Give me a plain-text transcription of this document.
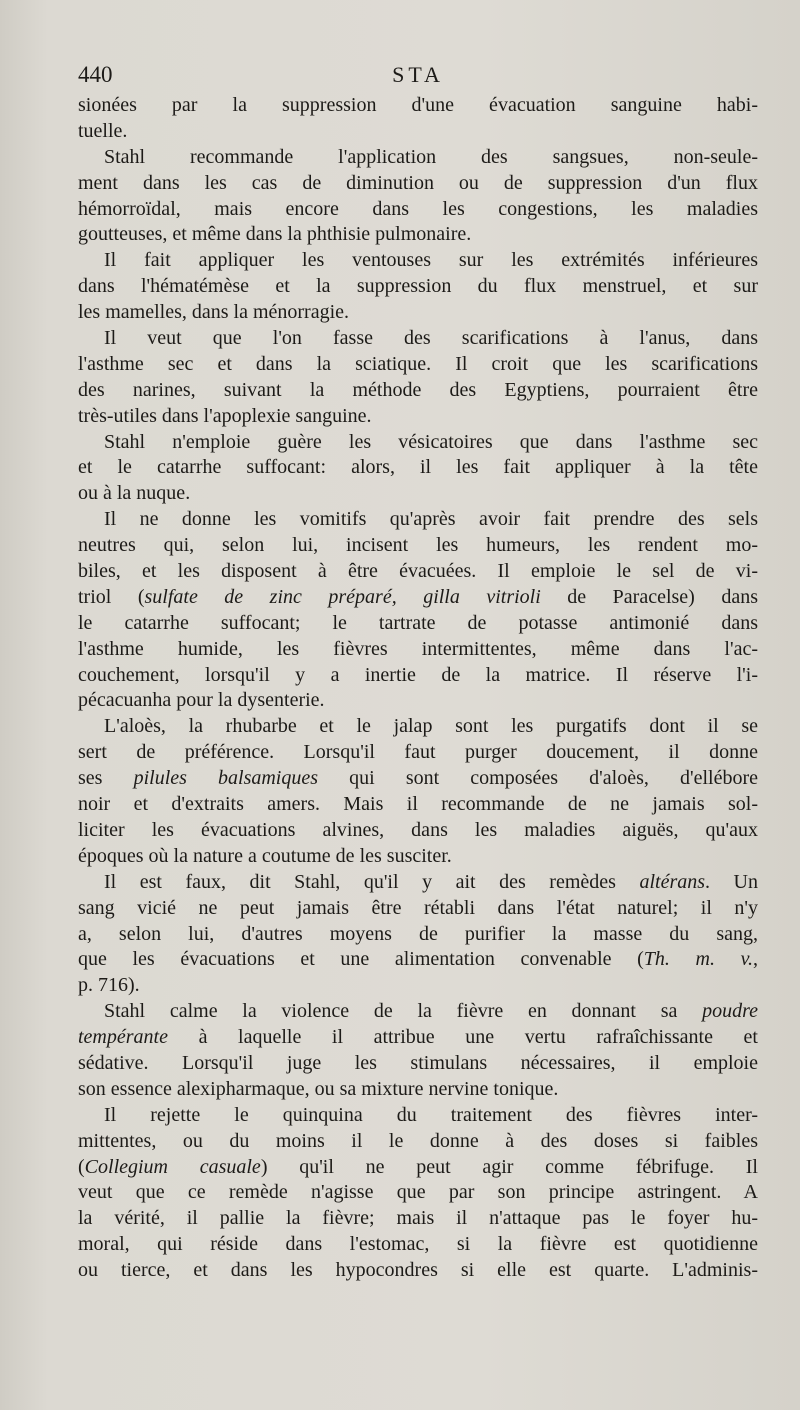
440	STA
sionées par la suppression d'une évacuation sanguine habi-
tuelle.
Stahl recommande l'application des sangsues, non-seule-
ment dans les cas de diminution ou de suppression d'un flux
hémorroïdal, mais encore dans les congestions, les maladies
goutteuses, et même dans la phthisie pulmonaire.
Il fait appliquer les ventouses sur les extrémités inférieures
dans l'hématémèse et la suppression du flux menstruel, et sur
les mamelles, dans la ménorragie.
Il veut que l'on fasse des scarifications à l'anus, dans
l'asthme sec et dans la sciatique. Il croit que les scarifications
des narines, suivant la méthode des Egyptiens, pourraient être
très-utiles dans l'apoplexie sanguine.
Stahl n'emploie guère les vésicatoires que dans l'asthme sec
et le catarrhe suffocant: alors, il les fait appliquer à la tête
ou à la nuque.
Il ne donne les vomitifs qu'après avoir fait prendre des sels
neutres qui, selon lui, incisent les humeurs, les rendent mo-
biles, et les disposent à être évacuées. Il emploie le sel de vi-
triol (sulfate de zinc préparé, gilla vitrioli de Paracelse) dans
le catarrhe suffocant; le tartrate de potasse antimonié dans
l'asthme humide, les fièvres intermittentes, même dans l'ac-
couchement, lorsqu'il y a inertie de la matrice. Il réserve l'i-
pécacuanha pour la dysenterie.
L'aloès, la rhubarbe et le jalap sont les purgatifs dont il se
sert de préférence. Lorsqu'il faut purger doucement, il donne
ses pilules balsamiques qui sont composées d'aloès, d'ellébore
noir et d'extraits amers. Mais il recommande de ne jamais sol-
liciter les évacuations alvines, dans les maladies aiguës, qu'aux
époques où la nature a coutume de les susciter.
Il est faux, dit Stahl, qu'il y ait des remèdes altérans. Un
sang vicié ne peut jamais être rétabli dans l'état naturel; il n'y
a, selon lui, d'autres moyens de purifier la masse du sang,
que les évacuations et une alimentation convenable (Th. m. v.,
p. 716).
Stahl calme la violence de la fièvre en donnant sa poudre
tempérante à laquelle il attribue une vertu rafraîchissante et
sédative. Lorsqu'il juge les stimulans nécessaires, il emploie
son essence alexipharmaque, ou sa mixture nervine tonique.
Il rejette le quinquina du traitement des fièvres inter-
mittentes, ou du moins il le donne à des doses si faibles
(Collegium casuale) qu'il ne peut agir comme fébrifuge. Il
veut que ce remède n'agisse que par son principe astringent. A
la vérité, il pallie la fièvre; mais il n'attaque pas le foyer hu-
moral, qui réside dans l'estomac, si la fièvre est quotidienne
ou tierce, et dans les hypocondres si elle est quarte. L'adminis-
